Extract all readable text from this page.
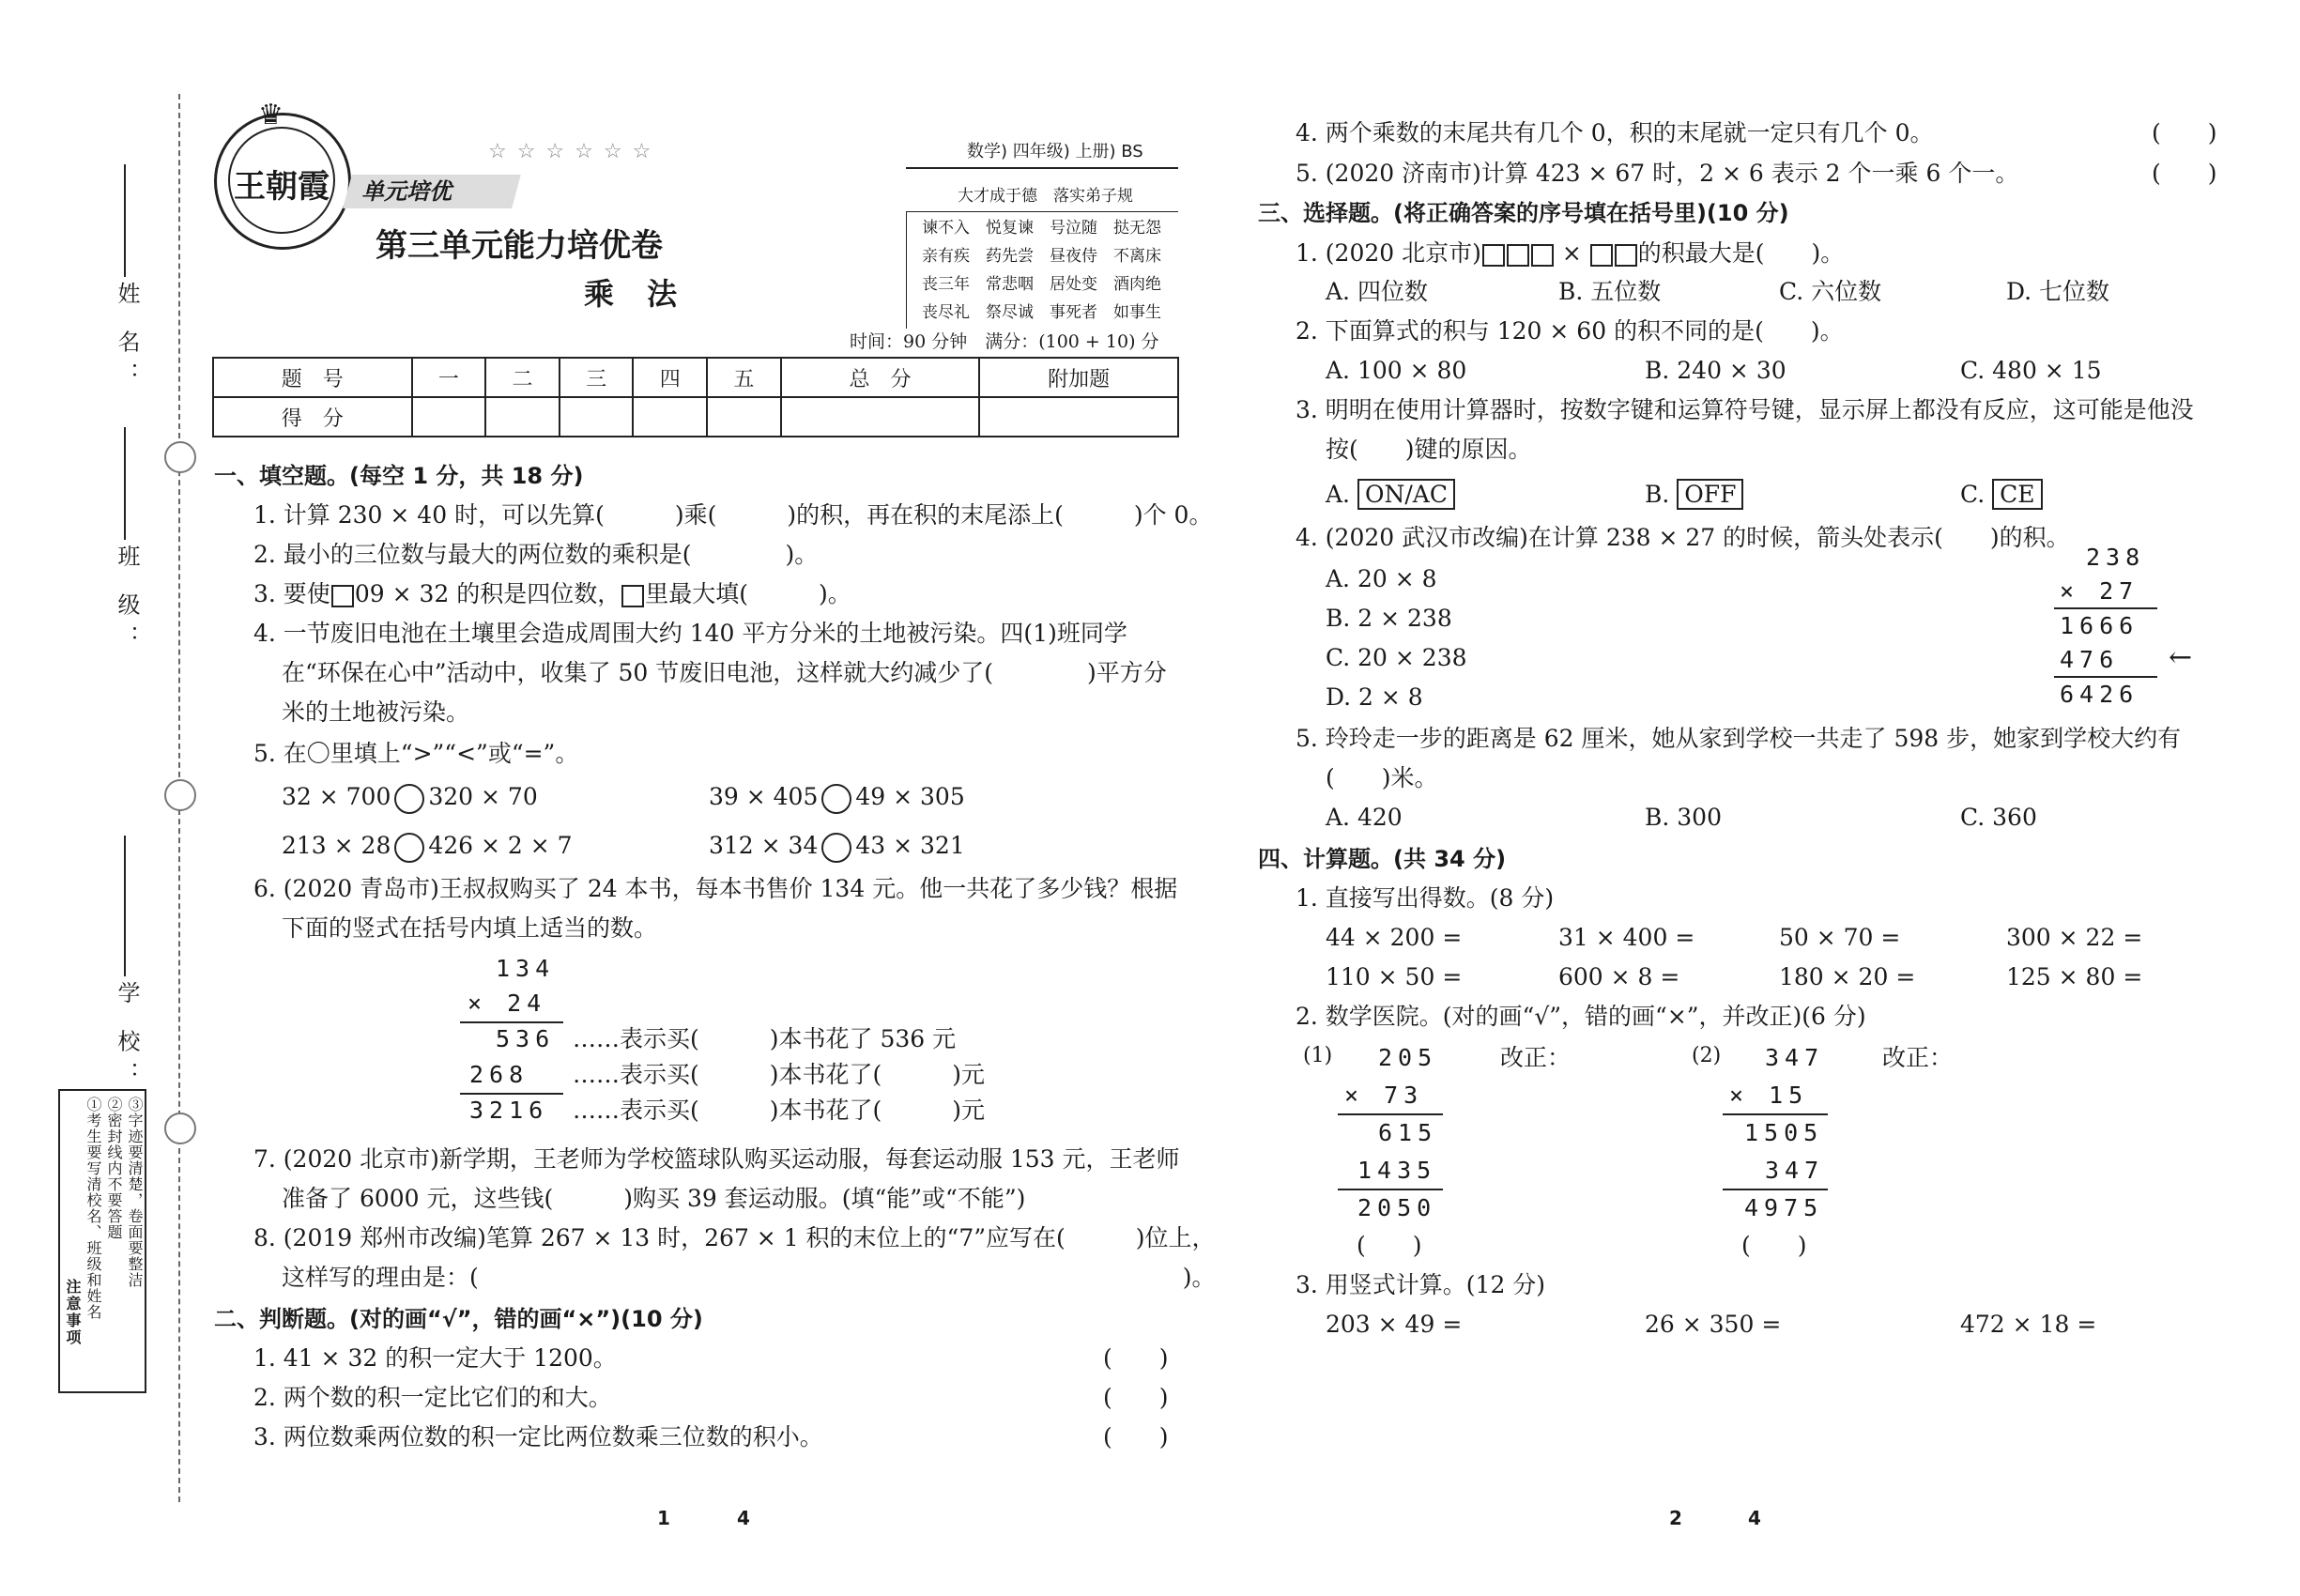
姓 名：
班 级：
学 校：
注意事项 ①考生要写清校名、班级和姓名 ②密封线内不要答题 ③字迹要清楚，卷面要整洁
王朝霞
♛
单元培优
☆ ☆ ☆ ☆ ☆ ☆	数学) 四年级) 上册) BS
第三单元能力培优卷
乘 法
大才成于德　落实弟子规
谏不入　悦复谏　号泣随　挞无怨
亲有疾　药先尝　昼夜侍　不离床
丧三年　常悲咽　居处变　酒肉绝
丧尽礼　祭尽诚　事死者　如事生
时间：90 分钟　满分：(100 + 10) 分
题　号	一	二	三	四	五	总　分	附加题
得　分							
一、填空题。(每空 1 分，共 18 分)
1. 计算 230 × 40 时，可以先算(　　　)乘(　　　)的积，再在积的末尾添上(　　　)个 0。
2. 最小的三位数与最大的两位数的乘积是(　　　　)。
3. 要使 09 × 32 的积是四位数， 里最大填(　　　)。
4. 一节废旧电池在土壤里会造成周围大约 140 平方分米的土地被污染。四(1)班同学
在“环保在心中”活动中，收集了 50 节废旧电池，这样就大约减少了(　　　　)平方分
米的土地被污染。
5. 在〇里填上“>”“<”或“=”。
32 × 700 320 × 70	39 × 405 49 × 305
213 × 28 426 × 2 × 7	312 × 34 43 × 321
6. (2020 青岛市)王叔叔购买了 24 本书，每本书售价 134 元。他一共花了多少钱？根据
下面的竖式在括号内填上适当的数。
134
× 24
536
268
3216
……表示买(　　　)本书花了 536 元
……表示买(　　　)本书花了(　　　)元
……表示买(　　　)本书花了(　　　)元
7. (2020 北京市)新学期，王老师为学校篮球队购买运动服，每套运动服 153 元，王老师
准备了 6000 元，这些钱(　　　)购买 39 套运动服。(填“能”或“不能”)
8. (2019 郑州市改编)笔算 267 × 13 时，267 × 1 积的末位上的“7”应写在(　　　)位上，
这样写的理由是：(　　　　　　　　　　　　　　　　　　　　　　　　　　　　　　)。
二、判断题。(对的画“√”，错的画“×”)(10 分)
1. 41 × 32 的积一定大于 1200。	(　　)
2. 两个数的积一定比它们的和大。	(　　)
3. 两位数乘两位数的积一定比两位数乘三位数的积小。	(　　)
4. 两个乘数的末尾共有几个 0，积的末尾就一定只有几个 0。	(　　)
5. (2020 济南市)计算 423 × 67 时，2 × 6 表示 2 个一乘 6 个一。	(　　)
三、选择题。(将正确答案的序号填在括号里)(10 分)
1. (2020 北京市)	× 的积最大是(　　)。
A. 四位数	B. 五位数	C. 六位数	D. 七位数
2. 下面算式的积与 120 × 60 的积不同的是(　　)。
A. 100 × 80	B. 240 × 30	C. 480 × 15
3. 明明在使用计算器时，按数字键和运算符号键，显示屏上都没有反应，这可能是他没
按(　　)键的原因。
A. ON/AC	B. OFF	C. CE
4. (2020 武汉市改编)在计算 238 × 27 的时候，箭头处表示(　　)的积。
A. 20 × 8
B. 2 × 238
C. 20 × 238
D. 2 × 8
238
× 27
1666
476
6426
←
5. 玲玲走一步的距离是 62 厘米，她从家到学校一共走了 598 步，她家到学校大约有
(　　)米。
A. 420	B. 300	C. 360
四、计算题。(共 34 分)
1. 直接写出得数。(8 分)
44 × 200 =	31 × 400 =	50 × 70 =	300 × 22 =
110 × 50 =	600 × 8 =	180 × 20 =	125 × 80 =
2. 数学医院。(对的画“√”，错的画“×”，并改正)(6 分)
(1) 205	改正：
× 73
615
1435
2050
(　　)
(2) 347 改正：
× 15
1505
347
4975
(　　)
3. 用竖式计算。(12 分)
203 × 49 =	26 × 350 =	472 × 18 =
1	4	2	4
